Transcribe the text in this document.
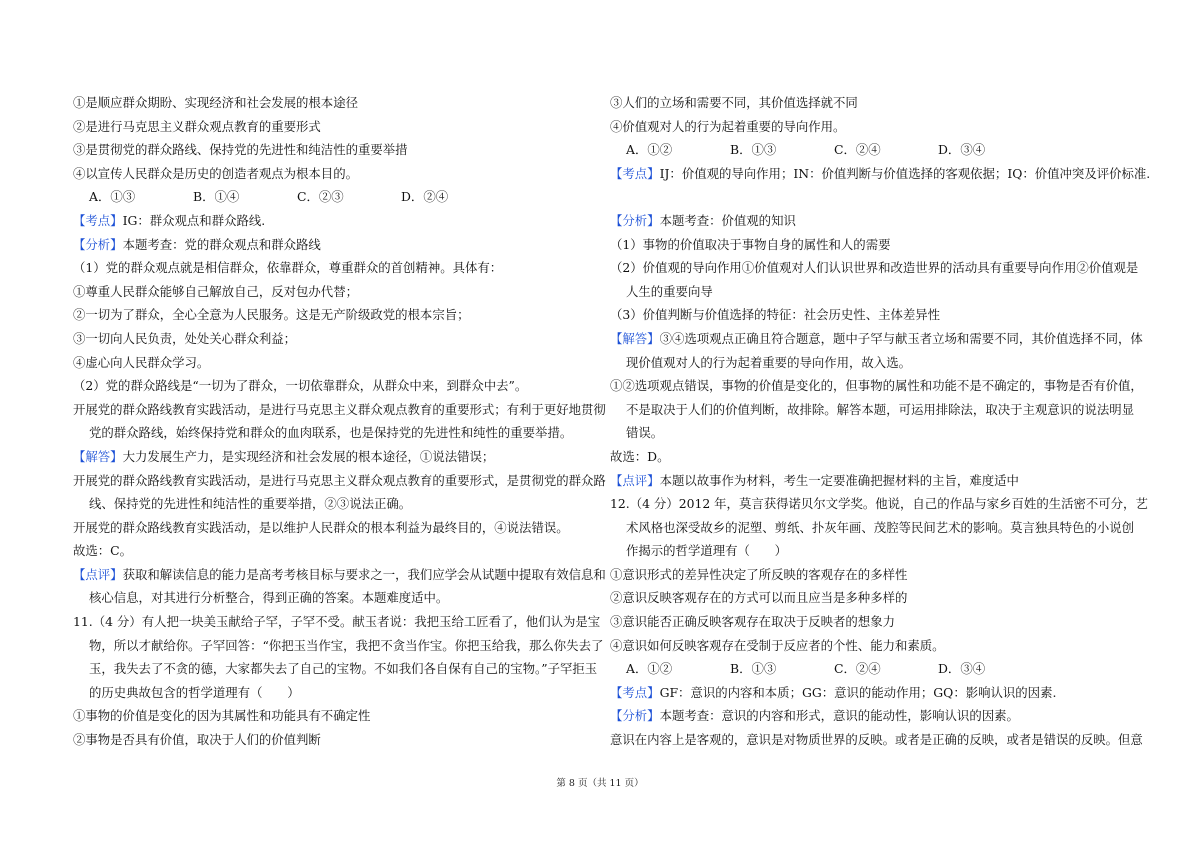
①是顺应群众期盼、实现经济和社会发展的根本途径
②是进行马克思主义群众观点教育的重要形式
③是贯彻党的群众路线、保持党的先进性和纯洁性的重要举措
④以宣传人民群众是历史的创造者观点为根本目的。
A．①③	B．①④	C．②③	D．②④
【考点】IG：群众观点和群众路线.
【分析】本题考查：党的群众观点和群众路线
（1）党的群众观点就是相信群众，依靠群众，尊重群众的首创精神。具体有：
①尊重人民群众能够自己解放自己，反对包办代替；
②一切为了群众，全心全意为人民服务。这是无产阶级政党的根本宗旨；
③一切向人民负责，处处关心群众利益；
④虚心向人民群众学习。
（2）党的群众路线是“一切为了群众，一切依靠群众，从群众中来，到群众中去”。
开展党的群众路线教育实践活动，是进行马克思主义群众观点教育的重要形式；有利于更好地贯彻
党的群众路线，始终保持党和群众的血肉联系，也是保持党的先进性和纯性的重要举措。
【解答】大力发展生产力，是实现经济和社会发展的根本途径，①说法错误；
开展党的群众路线教育实践活动，是进行马克思主义群众观点教育的重要形式，是贯彻党的群众路
线、保持党的先进性和纯洁性的重要举措，②③说法正确。
开展党的群众路线教育实践活动，是以维护人民群众的根本利益为最终目的，④说法错误。
故选：C。
【点评】获取和解读信息的能力是高考考核目标与要求之一，我们应学会从试题中提取有效信息和
核心信息，对其进行分析整合，得到正确的答案。本题难度适中。
11.（4 分）有人把一块美玉献给子罕，子罕不受。献玉者说：我把玉给工匠看了，他们认为是宝
物，所以才献给你。子罕回答：“你把玉当作宝，我把不贪当作宝。你把玉给我，那么你失去了
玉，我失去了不贪的德，大家都失去了自己的宝物。不如我们各自保有自己的宝物。”子罕拒玉
的历史典故包含的哲学道理有（　　）
①事物的价值是变化的因为其属性和功能具有不确定性
②事物是否具有价值，取决于人们的价值判断
③人们的立场和需要不同，其价值选择就不同
④价值观对人的行为起着重要的导向作用。
A．①②	B．①③	C．②④	D．③④
【考点】IJ：价值观的导向作用；IN：价值判断与价值选择的客观依据；IQ：价值冲突及评价标准.
【分析】本题考查：价值观的知识
（1）事物的价值取决于事物自身的属性和人的需要
（2）价值观的导向作用①价值观对人们认识世界和改造世界的活动具有重要导向作用②价值观是
人生的重要向导
（3）价值判断与价值选择的特征：社会历史性、主体差异性
【解答】③④选项观点正确且符合题意，题中子罕与献玉者立场和需要不同，其价值选择不同，体
现价值观对人的行为起着重要的导向作用，故入选。
①②选项观点错误，事物的价值是变化的，但事物的属性和功能不是不确定的，事物是否有价值，
不是取决于人们的价值判断，故排除。解答本题，可运用排除法，取决于主观意识的说法明显
错误。
故选：D。
【点评】本题以故事作为材料，考生一定要准确把握材料的主旨，难度适中
12.（4 分）2012 年，莫言获得诺贝尔文学奖。他说，自己的作品与家乡百姓的生活密不可分，艺
术风格也深受故乡的泥塑、剪纸、扑灰年画、茂腔等民间艺术的影响。莫言独具特色的小说创
作揭示的哲学道理有（　　）
①意识形式的差异性决定了所反映的客观存在的多样性
②意识反映客观存在的方式可以而且应当是多种多样的
③意识能否正确反映客观存在取决于反映者的想象力
④意识如何反映客观存在受制于反应者的个性、能力和素质。
A．①②	B．①③	C．②④	D．③④
【考点】GF：意识的内容和本质；GG：意识的能动作用；GQ：影响认识的因素.
【分析】本题考查：意识的内容和形式，意识的能动性，影响认识的因素。
意识在内容上是客观的，意识是对物质世界的反映。或者是正确的反映，或者是错误的反映。但意
第 8 页（共 11 页）
